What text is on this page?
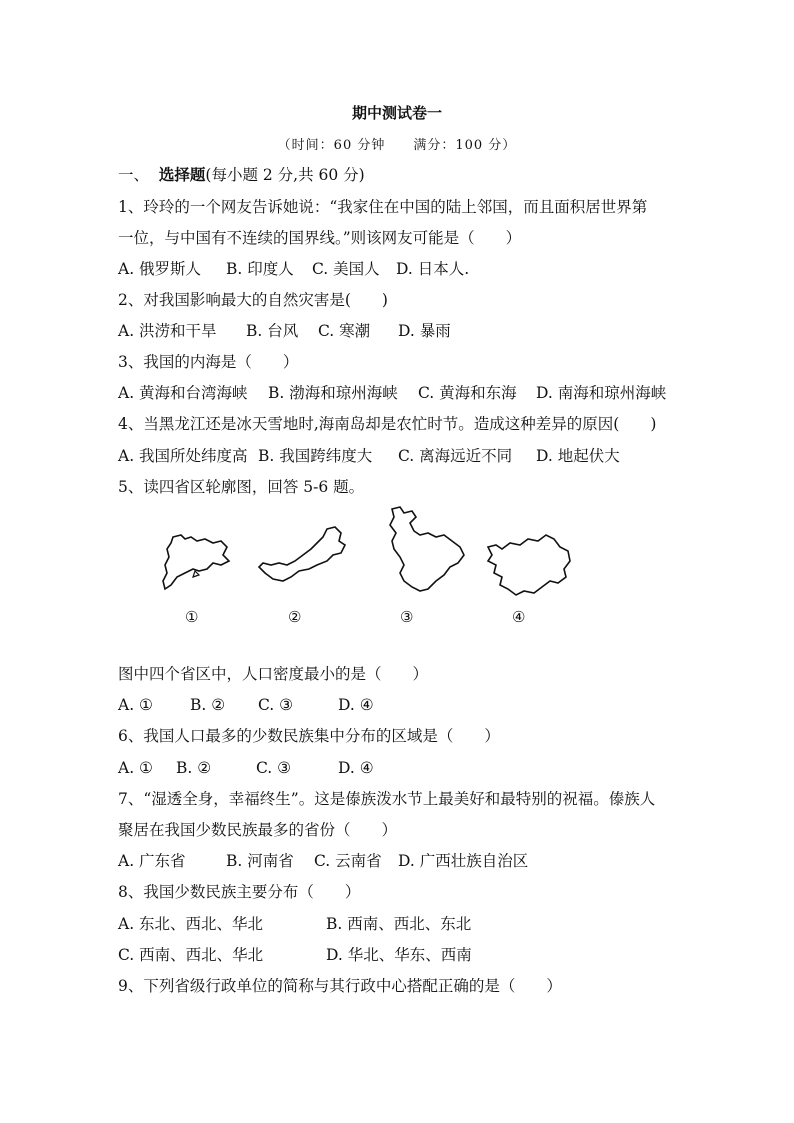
期中测试卷一
（时间：60 分钟 满分：100 分）
一、 选择题(每小题 2 分,共 60 分)
1、玲玲的一个网友告诉她说：“我家住在中国的陆上邻国，而且面积居世界第
一位，与中国有不连续的国界线。”则该网友可能是（　　）
A. 俄罗斯人 B. 印度人 C. 美国人 D. 日本人.
2、对我国影响最大的自然灾害是(　　)
A. 洪涝和干旱 B. 台风 C. 寒潮 D. 暴雨
3、我国的内海是（　　）
A. 黄海和台湾海峡 B. 渤海和琼州海峡 C. 黄海和东海 D. 南海和琼州海峡
4、当黑龙江还是冰天雪地时,海南岛却是农忙时节。造成这种差异的原因(　　)
A. 我国所处纬度高 B. 我国跨纬度大 C. 离海远近不同 D. 地起伏大
5、读四省区轮廓图，回答 5-6 题。
①	②	③	④
图中四个省区中，人口密度最小的是（　　）
A. ① B. ② C. ③	D. ④
6、我国人口最多的少数民族集中分布的区域是（　　）
A. ① B. ②	C. ③	D. ④
7、“湿透全身，幸福终生”。这是傣族泼水节上最美好和最特别的祝福。傣族人
聚居在我国少数民族最多的省份（　　）
A. 广东省	B. 河南省 C. 云南省 D. 广西壮族自治区
8、我国少数民族主要分布（　　）
A. 东北、西北、华北	B. 西南、西北、东北
C. 西南、西北、华北	D. 华北、华东、西南
9、下列省级行政单位的简称与其行政中心搭配正确的是（　　）
